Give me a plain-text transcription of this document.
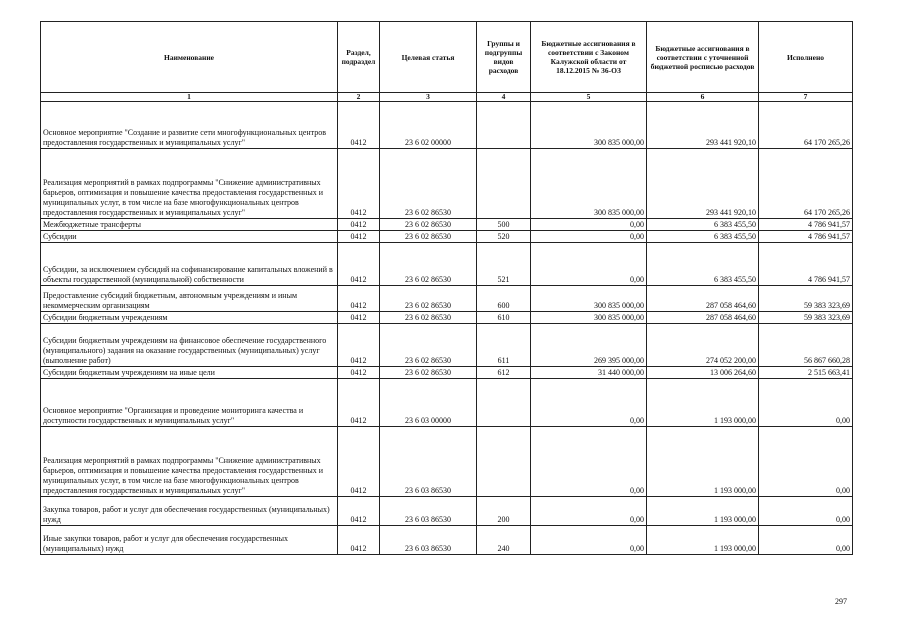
Наименование	Раздел, подраздел	Целевая статья	Группы и подгруппы видов расходов	Бюджетные ассигнования в соответствии с Законом Калужской области от 18.12.2015 № 36-ОЗ	Бюджетные ассигнования в соответствии с уточненной бюджетной росписью расходов	Исполнено
1	2	3	4	5	6	7
Основное мероприятие "Создание и развитие сети многофункциональных центров предоставления государственных и муниципальных услуг"	0412	23 6 02 00000		300 835 000,00	293 441 920,10	64 170 265,26
Реализация мероприятий в рамках подпрограммы "Снижение административных барьеров, оптимизация и повышение качества предоставления государственных и муниципальных услуг, в том числе на базе многофункциональных центров предоставления государственных и муниципальных услуг"	0412	23 6 02 86530		300 835 000,00	293 441 920,10	64 170 265,26
Межбюджетные трансферты	0412	23 6 02 86530	500	0,00	6 383 455,50	4 786 941,57
Субсидии	0412	23 6 02 86530	520	0,00	6 383 455,50	4 786 941,57
Субсидии, за исключением субсидий на софинансирование капитальных вложений в объекты государственной (муниципальной) собственности	0412	23 6 02 86530	521	0,00	6 383 455,50	4 786 941,57
Предоставление субсидий бюджетным, автономным учреждениям и иным некоммерческим организациям	0412	23 6 02 86530	600	300 835 000,00	287 058 464,60	59 383 323,69
Субсидии бюджетным учреждениям	0412	23 6 02 86530	610	300 835 000,00	287 058 464,60	59 383 323,69
Субсидии бюджетным учреждениям на финансовое обеспечение государственного (муниципального) задания на оказание государственных (муниципальных) услуг (выполнение работ)	0412	23 6 02 86530	611	269 395 000,00	274 052 200,00	56 867 660,28
Субсидии бюджетным учреждениям на иные цели	0412	23 6 02 86530	612	31 440 000,00	13 006 264,60	2 515 663,41
Основное мероприятие "Организация и проведение мониторинга качества и доступности государственных и муниципальных услуг"	0412	23 6 03 00000		0,00	1 193 000,00	0,00
Реализация мероприятий в рамках подпрограммы "Снижение административных барьеров, оптимизация и повышение качества предоставления государственных и муниципальных услуг, в том числе на базе многофункциональных центров предоставления государственных и муниципальных услуг"	0412	23 6 03 86530		0,00	1 193 000,00	0,00
Закупка товаров, работ и услуг для обеспечения государственных (муниципальных) нужд	0412	23 6 03 86530	200	0,00	1 193 000,00	0,00
Иные закупки товаров, работ и услуг для обеспечения государственных (муниципальных) нужд	0412	23 6 03 86530	240	0,00	1 193 000,00	0,00
297
